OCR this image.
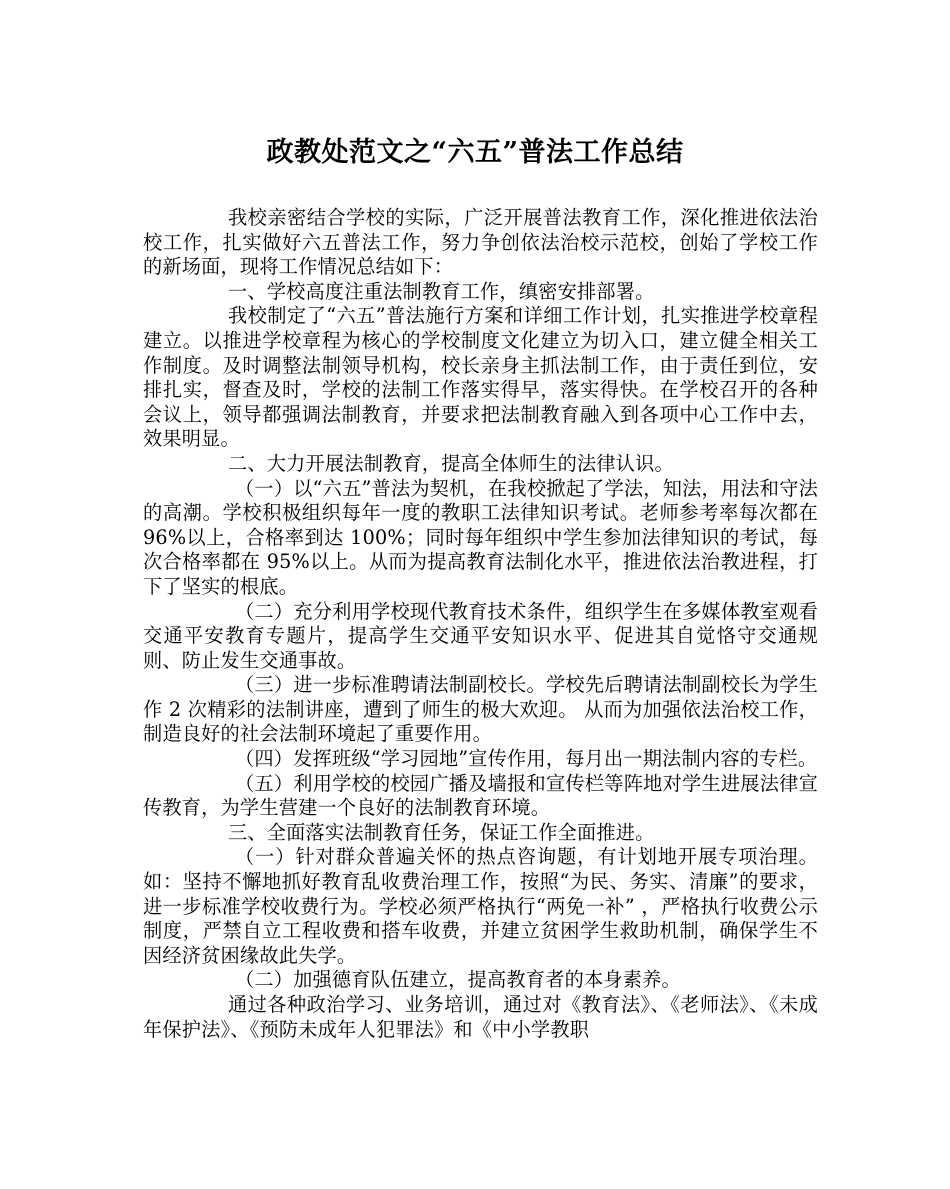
政教处范文之“六五”普法工作总结

我校亲密结合学校的实际，广泛开展普法教育工作，深化推进依法治校工作，扎实做好六五普法工作，努力争创依法治校示范校，创始了学校工作的新场面，现将工作情况总结如下：

一、学校高度注重法制教育工作，缜密安排部署。

我校制定了“六五”普法施行方案和详细工作计划，扎实推进学校章程建立。以推进学校章程为核心的学校制度文化建立为切入口，建立健全相关工作制度。及时调整法制领导机构，校长亲身主抓法制工作，由于责任到位，安排扎实，督查及时，学校的法制工作落实得早，落实得快。在学校召开的各种会议上，领导都强调法制教育，并要求把法制教育融入到各项中心工作中去，效果明显。

二、大力开展法制教育，提高全体师生的法律认识。

（一）以“六五”普法为契机，在我校掀起了学法，知法，用法和守法的高潮。学校积极组织每年一度的教职工法律知识考试。老师参考率每次都在 96%以上，合格率到达 100%；同时每年组织中学生参加法律知识的考试，每次合格率都在 95%以上。从而为提高教育法制化水平，推进依法治教进程，打下了坚实的根底。

（二）充分利用学校现代教育技术条件，组织学生在多媒体教室观看交通平安教育专题片，提高学生交通平安知识水平、促进其自觉恪守交通规则、防止发生交通事故。

（三）进一步标准聘请法制副校长。学校先后聘请法制副校长为学生作 2 次精彩的法制讲座，遭到了师生的极大欢迎。 从而为加强依法治校工作， 制造良好的社会法制环境起了重要作用。

（四）发挥班级“学习园地”宣传作用，每月出一期法制内容的专栏。

（五）利用学校的校园广播及墙报和宣传栏等阵地对学生进展法律宣传教育，为学生营建一个良好的法制教育环境。

三、全面落实法制教育任务，保证工作全面推进。

（一）针对群众普遍关怀的热点咨询题，有计划地开展专项治理。 如：坚持不懈地抓好教育乱收费治理工作，按照“为民、务实、清廉”的要求，进一步标准学校收费行为。学校必须严格执行“两免一补” ，严格执行收费公示制度，严禁自立工程收费和搭车收费，并建立贫困学生救助机制，确保学生不因经济贫困缘故此失学。

（二）加强德育队伍建立，提高教育者的本身素养。

通过各种政治学习、业务培训，通过对《教育法》、《老师法》、《未成年保护法》、《预防未成年人犯罪法》和《中小学教职
